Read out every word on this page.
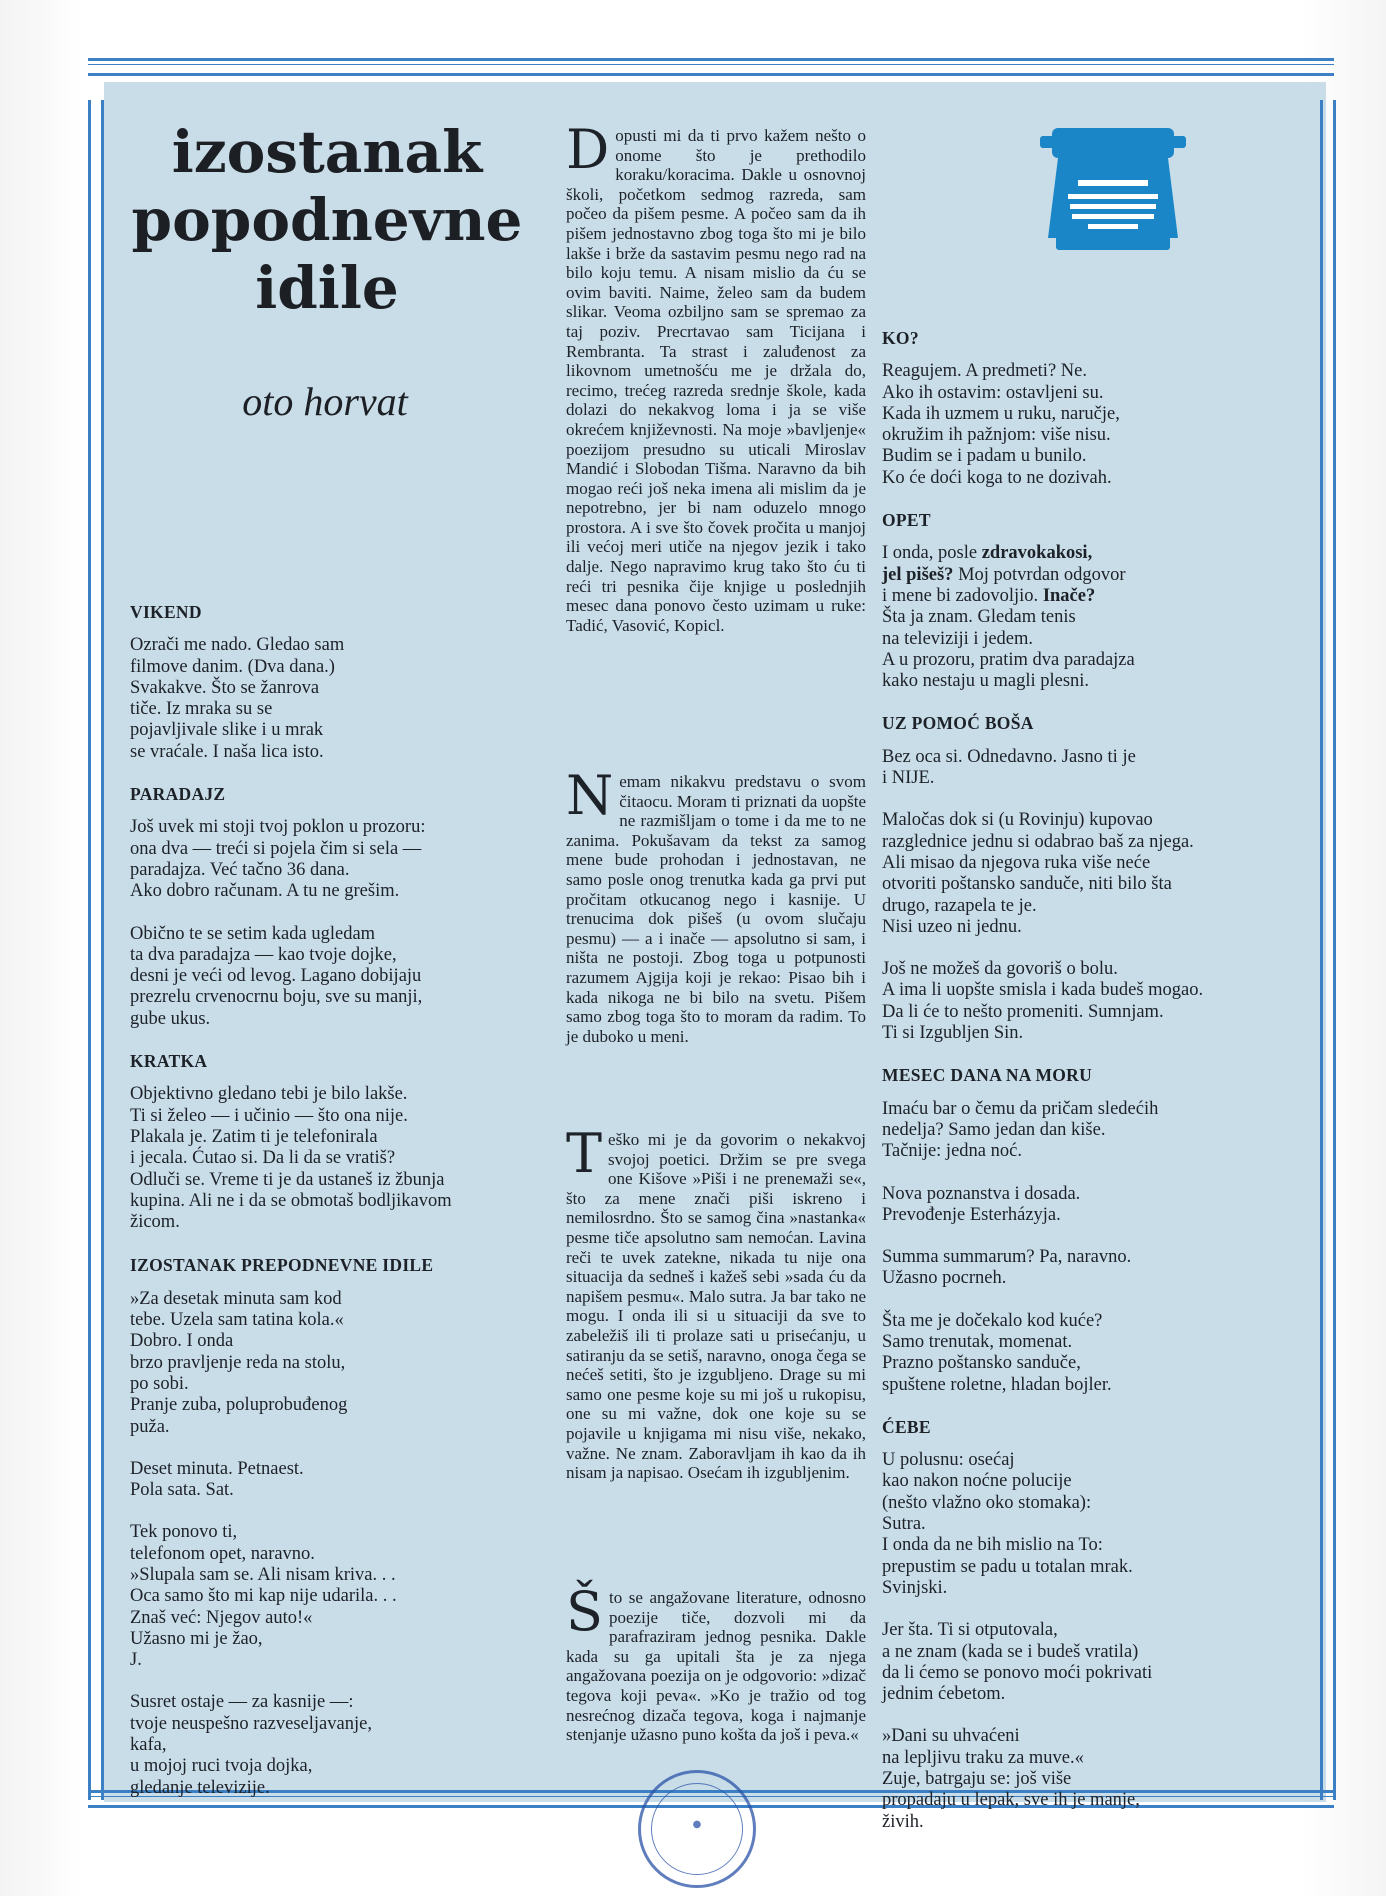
izostanak
popodnevne
idile
oto horvat
VIKEND

Ozrači me nado. Gledao sam
filmove danim. (Dva dana.)
Svakakve. Što se žanrova
tiče. Iz mraka su se
pojavljivale slike i u mrak
se vraćale. I naša lica isto.

PARADAJZ

Još uvek mi stoji tvoj poklon u prozoru:
ona dva — treći si pojela čim si sela —
paradajza. Već tačno 36 dana.
Ako dobro računam. A tu ne grešim.

Obično te se setim kada ugledam
ta dva paradajza — kao tvoje dojke,
desni je veći od levog. Lagano dobijaju
prezrelu crvenocrnu boju, sve su manji,
gube ukus.

KRATKA

Objektivno gledano tebi je bilo lakše.
Ti si želeo — i učinio — što ona nije.
Plakala je. Zatim ti je telefonirala
i jecala. Ćutao si. Da li da se vratiš?
Odluči se. Vreme ti je da ustaneš iz žbunja
kupina. Ali ne i da se obmotaš bodljikavom
žicom.

IZOSTANAK PREPODNEVNE IDILE

»Za desetak minuta sam kod
tebe. Uzela sam tatina kola.«
Dobro. I onda
brzo pravljenje reda na stolu,
po sobi.
Pranje zuba, poluprobuđenog
puža.

Deset minuta. Petnaest.
Pola sata. Sat.

Tek ponovo ti,
telefonom opet, naravno.
»Slupala sam se. Ali nisam kriva. . .
Oca samo što mi kap nije udarila. . .
Znaš već: Njegov auto!«
Užasno mi je žao,
J.

Susret ostaje — za kasnije —:
tvoje neuspešno razveseljavanje,
kafa,
u mojoj ruci tvoja dojka,
gledanje televizije.

Dopusti mi da ti prvo kažem nešto o onome što je prethodilo koraku/koracima. Dakle u osnovnoj školi, početkom sedmog razreda, sam počeo da pišem pesme. A počeo sam da ih pišem jednostavno zbog toga što mi je bilo lakše i brže da sastavim pesmu nego rad na bilo koju temu. A nisam mislio da ću se ovim baviti. Naime, želeo sam da budem slikar. Veoma ozbiljno sam se spremao za taj poziv. Precrtavao sam Ticijana i Rembranta. Ta strast i zaluđenost za likovnom umetnošću me je držala do, recimo, trećeg razreda srednje škole, kada dolazi do nekakvog loma i ja se više okrećem književnosti. Na moje »bavljenje« poezijom presudno su uticali Miroslav Mandić i Slobodan Tišma. Naravno da bih mogao reći još neka imena ali mislim da je nepotrebno, jer bi nam oduzelo mnogo prostora. A i sve što čovek pročita u manjoj ili većoj meri utiče na njegov jezik i tako dalje. Nego napravimo krug tako što ću ti reći tri pesnika čije knjige u poslednjih mesec dana ponovo često uzimam u ruke: Tadić, Vasović, Kopicl.

Nemam nikakvu predstavu o svom čitaocu. Moram ti priznati da uopšte ne razmišljam o tome i da me to ne zanima. Pokušavam da tekst za samog mene bude prohodan i jednostavan, ne samo posle onog trenutka kada ga prvi put pročitam otkucanog nego i kasnije. U trenucima dok pišeš (u ovom slučaju pesmu) — a i inače — apsolutno si sam, i ništa ne postoji. Zbog toga u potpunosti razumem Ajgija koji je rekao: Pisao bih i kada nikoga ne bi bilo na svetu. Pišem samo zbog toga što to moram da radim. To je duboko u meni.

Teško mi je da govorim o nekakvoj svojoj poetici. Držim se pre svega one Kišove »Piši i ne preneмaži se«, što za mene znači piši iskreno i nemilosrdno. Što se samog čina »nastanka« pesme tiče apsolutno sam nemoćan. Lavina reči te uvek zatekne, nikada tu nije ona situacija da sedneš i kažeš sebi »sada ću da napišem pesmu«. Malo sutra. Ja bar tako ne mogu. I onda ili si u situaciji da sve to zabeležiš ili ti prolaze sati u prisećanju, u satiranju da se setiš, naravno, onoga čega se nećeš setiti, što je izgubljeno. Drage su mi samo one pesme koje su mi još u rukopisu, one su mi važne, dok one koje su se pojavile u knjigama mi nisu više, nekako, važne. Ne znam. Zaboravljam ih kao da ih nisam ja napisao. Osećam ih izgubljenim.

Što se angažovane literature, odnosno poezije tiče, dozvoli mi da parafraziram jednog pesnika. Dakle kada su ga upitali šta je za njega angažovana poezija on je odgovorio: »dizač tegova koji peva«. »Ko je tražio od tog nesrećnog dizača tegova, koga i najmanje stenjanje užasno puno košta da još i peva.«

KO?

Reagujem. A predmeti? Ne.
Ako ih ostavim: ostavljeni su.
Kada ih uzmem u ruku, naručje,
okružim ih pažnjom: više nisu.
Budim se i padam u bunilo.
Ko će doći koga to ne dozivah.

OPET

I onda, posle zdravokakosi,
jel pišeš? Moj potvrdan odgovor
i mene bi zadovoljio. Inače?
Šta ja znam. Gledam tenis
na televiziji i jedem.
A u prozoru, pratim dva paradajza
kako nestaju u magli plesni.

UZ POMOĆ BOŠA

Bez oca si. Odnedavno. Jasno ti je
i NIJE.

Maločas dok si (u Rovinju) kupovao
razglednice jednu si odabrao baš za njega.
Ali misao da njegova ruka više neće
otvoriti poštansko sanduče, niti bilo šta
drugo, razapela te je.
Nisi uzeo ni jednu.

Još ne možeš da govoriš o bolu.
A ima li uopšte smisla i kada budeš mogao.
Da li će to nešto promeniti. Sumnjam.
Ti si Izgubljen Sin.

MESEC DANA NA MORU

Imaću bar o čemu da pričam sledećih
nedelja? Samo jedan dan kiše.
Tačnije: jedna noć.

Nova poznanstva i dosada.
Prevođenje Esterházyja.

Summa summarum? Pa, naravno.
Užasno pocrneh.

Šta me je dočekalo kod kuće?
Samo trenutak, momenat.
Prazno poštansko sanduče,
spuštene roletne, hladan bojler.

ĆEBE

U polusnu: osećaj
kao nakon noćne polucije
(nešto vlažno oko stomaka):
Sutra.
I onda da ne bih mislio na To:
prepustim se padu u totalan mrak.
Svinjski.

Jer šta. Ti si otputovala,
a ne znam (kada se i budeš vratila)
da li ćemo se ponovo moći pokrivati
jednim ćebetom.

»Dani su uhvaćeni
na lepljivu traku za muve.«
Zuje, batrgaju se: još više
propadaju u lepak, sve ih je manje,
živih.

●
